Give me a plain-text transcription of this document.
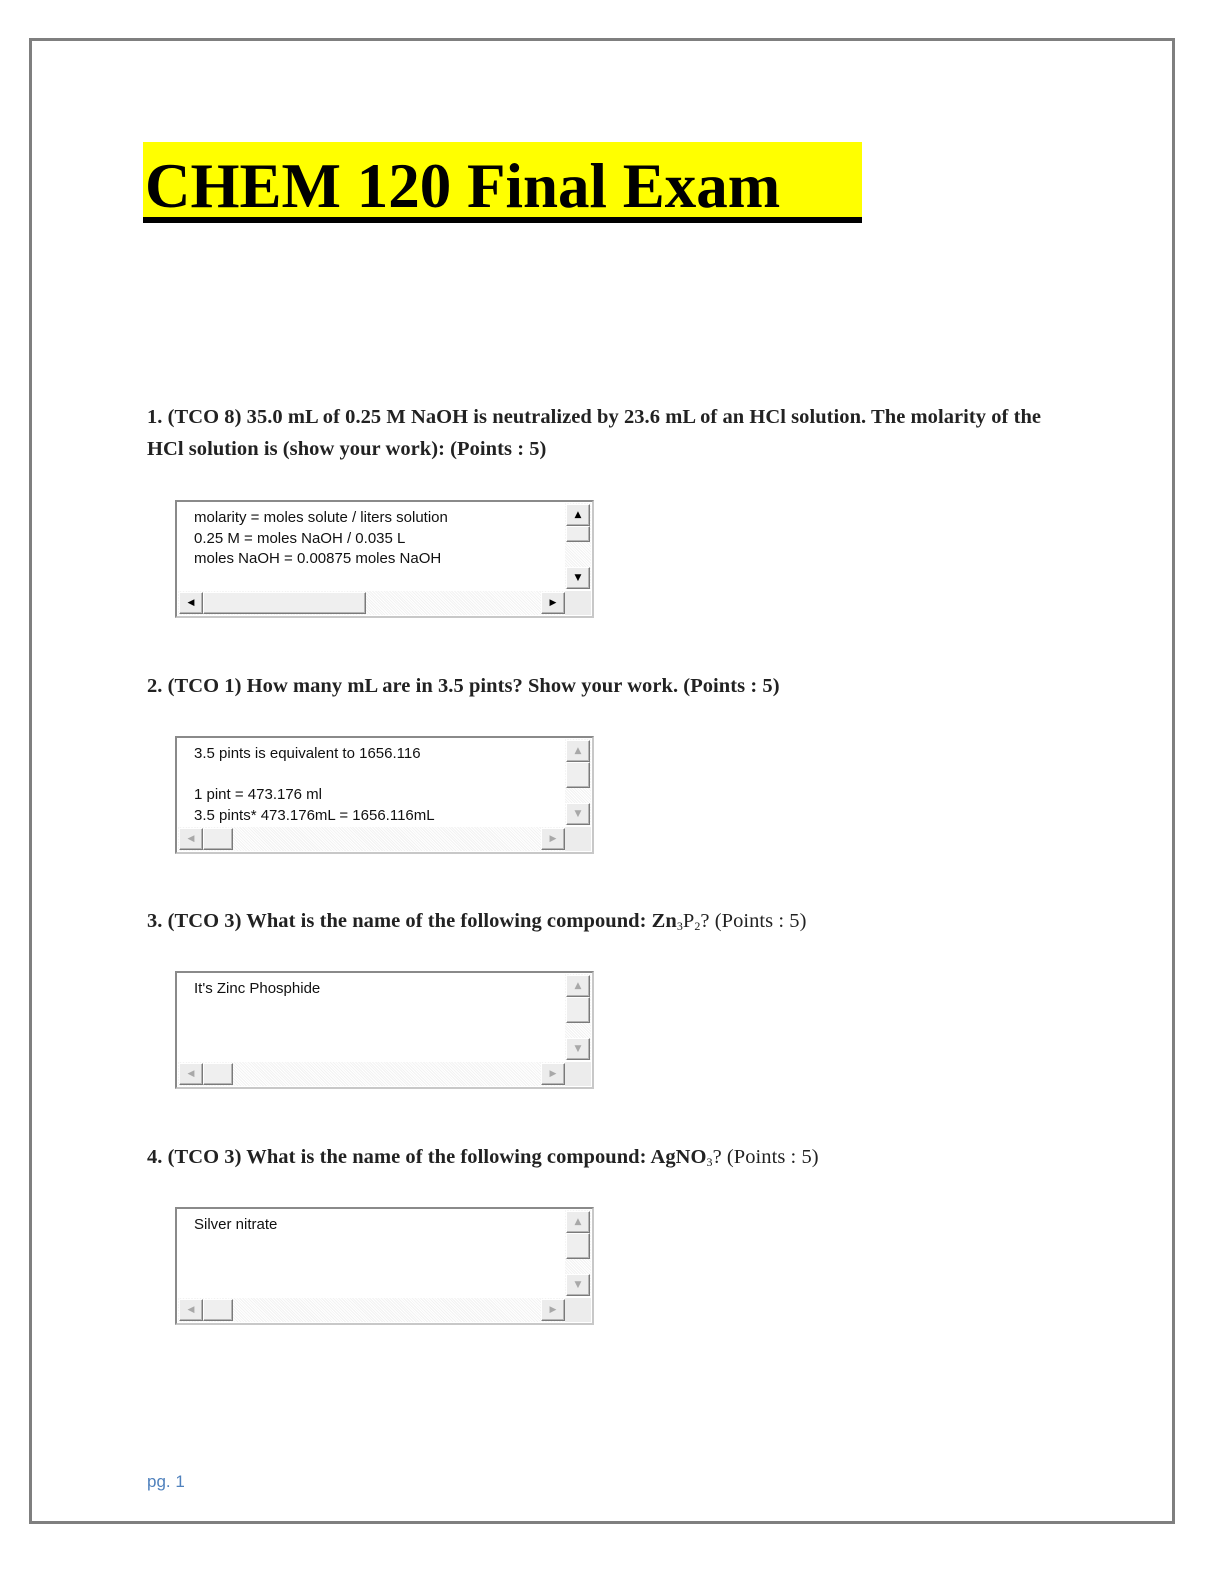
CHEM 120 Final Exam
1. (TCO 8) 35.0 mL of 0.25 M NaOH is neutralized by 23.6 mL of an HCl solution. The molarity of the
HCl solution is (show your work): (Points : 5)
molarity = moles solute / liters solution
0.25 M = moles NaOH / 0.035 L
moles NaOH = 0.00875 moles NaOH
▲
▼
◀	▶
2. (TCO 1) How many mL are in 3.5 pints? Show your work. (Points : 5)
3.5 pints is equivalent to 1656.116

1 pint = 473.176 ml
3.5 pints* 473.176mL = 1656.116mL
▲
▼
◀	▶
3. (TCO 3) What is the name of the following compound: $Zn_3P_2$? (Points : 5)
It's Zinc Phosphide	▲
▼
◀	▶
4. (TCO 3) What is the name of the following compound: AgNO$_3$? (Points : 5)
Silver nitrate	▲
▼
◀	▶
pg. 1
